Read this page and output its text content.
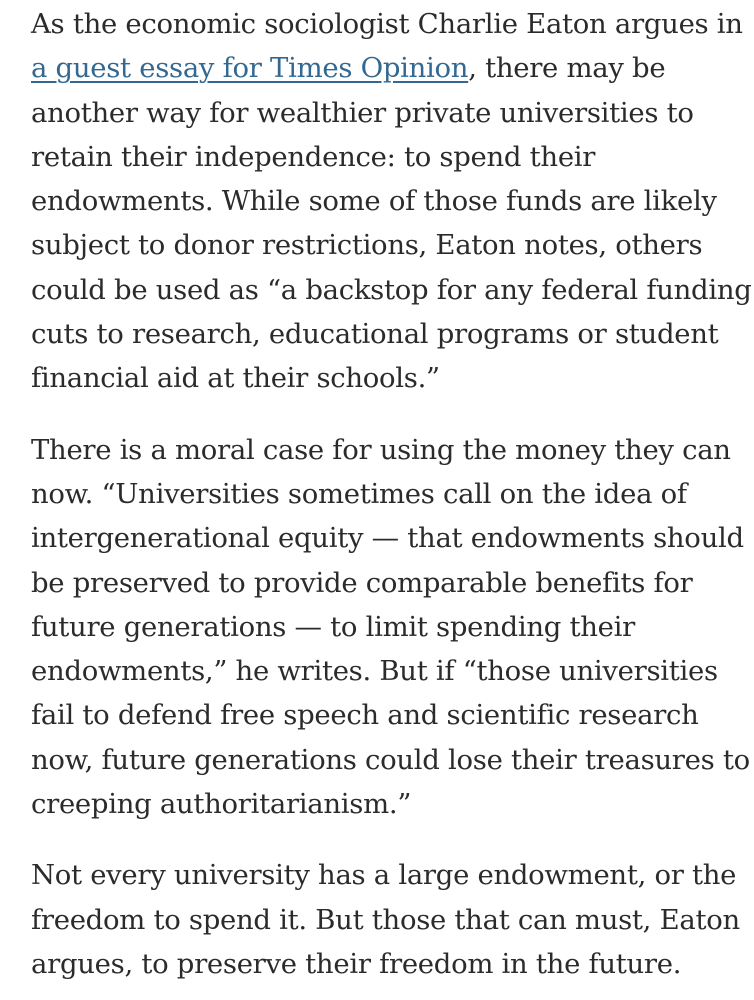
As the economic sociologist Charlie Eaton argues in
a guest essay for Times Opinion, there may be
another way for wealthier private universities to
retain their independence: to spend their
endowments. While some of those funds are likely
subject to donor restrictions, Eaton notes, others
could be used as “a backstop for any federal funding
cuts to research, educational programs or student
financial aid at their schools.”

There is a moral case for using the money they can
now. “Universities sometimes call on the idea of
intergenerational equity — that endowments should
be preserved to provide comparable benefits for
future generations — to limit spending their
endowments,” he writes. But if “those universities
fail to defend free speech and scientific research
now, future generations could lose their treasures to
creeping authoritarianism.”

Not every university has a large endowment, or the
freedom to spend it. But those that can must, Eaton
argues, to preserve their freedom in the future.
